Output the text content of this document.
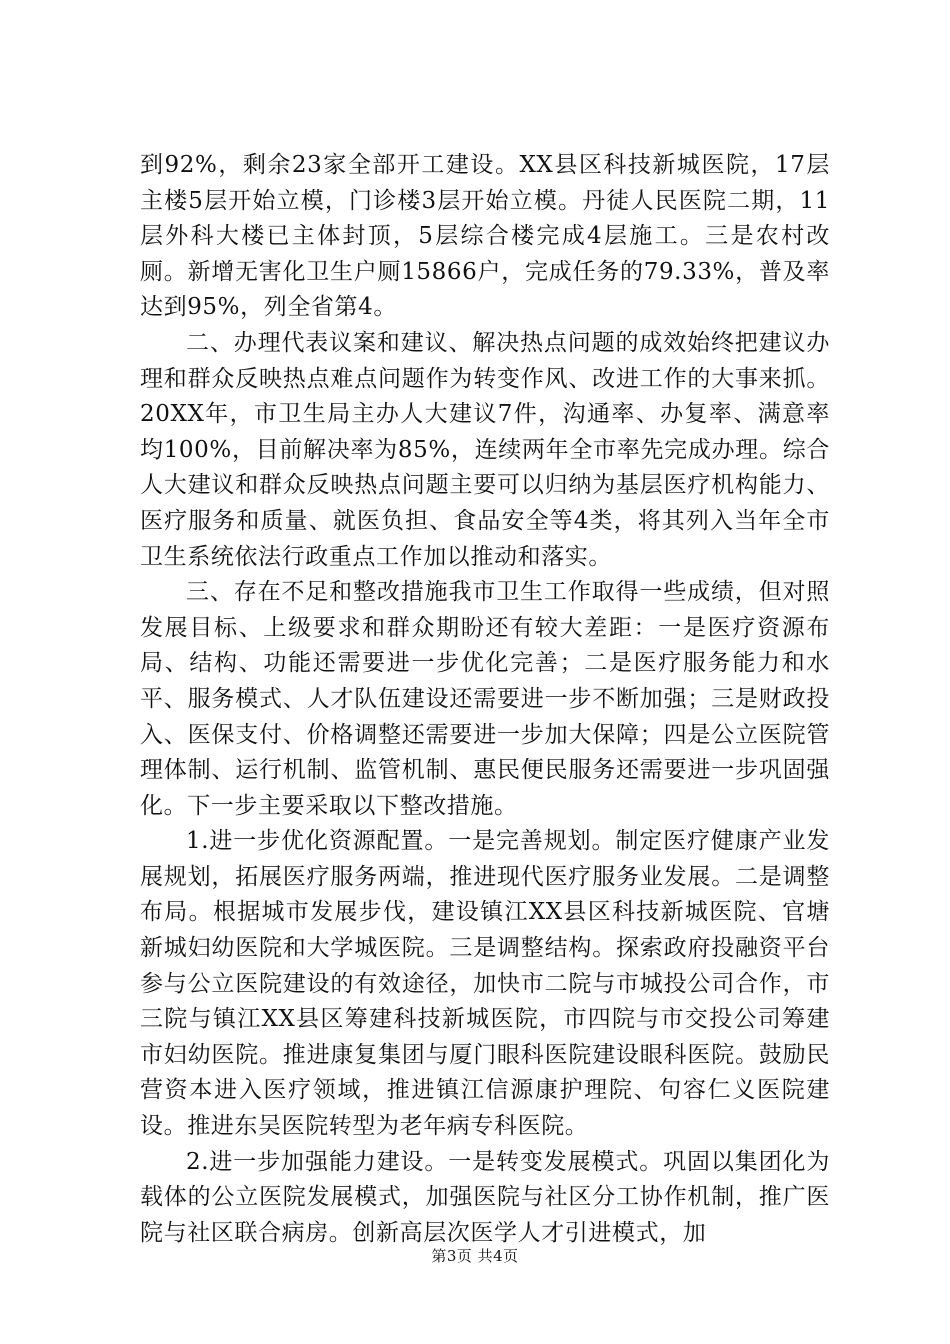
到92%，剩余23家全部开工建设。XX县区科技新城医院，17层主楼5层开始立模，门诊楼3层开始立模。丹徒人民医院二期，11层外科大楼已主体封顶，5层综合楼完成4层施工。三是农村改厕。新增无害化卫生户厕15866户，完成任务的79.33%，普及率达到95%，列全省第4。

二、办理代表议案和建议、解决热点问题的成效始终把建议办理和群众反映热点难点问题作为转变作风、改进工作的大事来抓。20XX年，市卫生局主办人大建议7件，沟通率、办复率、满意率均100%，目前解决率为85%，连续两年全市率先完成办理。综合人大建议和群众反映热点问题主要可以归纳为基层医疗机构能力、医疗服务和质量、就医负担、食品安全等4类，将其列入当年全市卫生系统依法行政重点工作加以推动和落实。

三、存在不足和整改措施我市卫生工作取得一些成绩，但对照发展目标、上级要求和群众期盼还有较大差距：一是医疗资源布局、结构、功能还需要进一步优化完善；二是医疗服务能力和水平、服务模式、人才队伍建设还需要进一步不断加强；三是财政投入、医保支付、价格调整还需要进一步加大保障；四是公立医院管理体制、运行机制、监管机制、惠民便民服务还需要进一步巩固强化。下一步主要采取以下整改措施。

1.进一步优化资源配置。一是完善规划。制定医疗健康产业发展规划，拓展医疗服务两端，推进现代医疗服务业发展。二是调整布局。根据城市发展步伐，建设镇江XX县区科技新城医院、官塘新城妇幼医院和大学城医院。三是调整结构。探索政府投融资平台参与公立医院建设的有效途径，加快市二院与市城投公司合作，市三院与镇江XX县区筹建科技新城医院，市四院与市交投公司筹建市妇幼医院。推进康复集团与厦门眼科医院建设眼科医院。鼓励民营资本进入医疗领域，推进镇江信源康护理院、句容仁义医院建设。推进东吴医院转型为老年病专科医院。

2.进一步加强能力建设。一是转变发展模式。巩固以集团化为载体的公立医院发展模式，加强医院与社区分工协作机制，推广医院与社区联合病房。创新高层次医学人才引进模式，加

第3页 共4页
